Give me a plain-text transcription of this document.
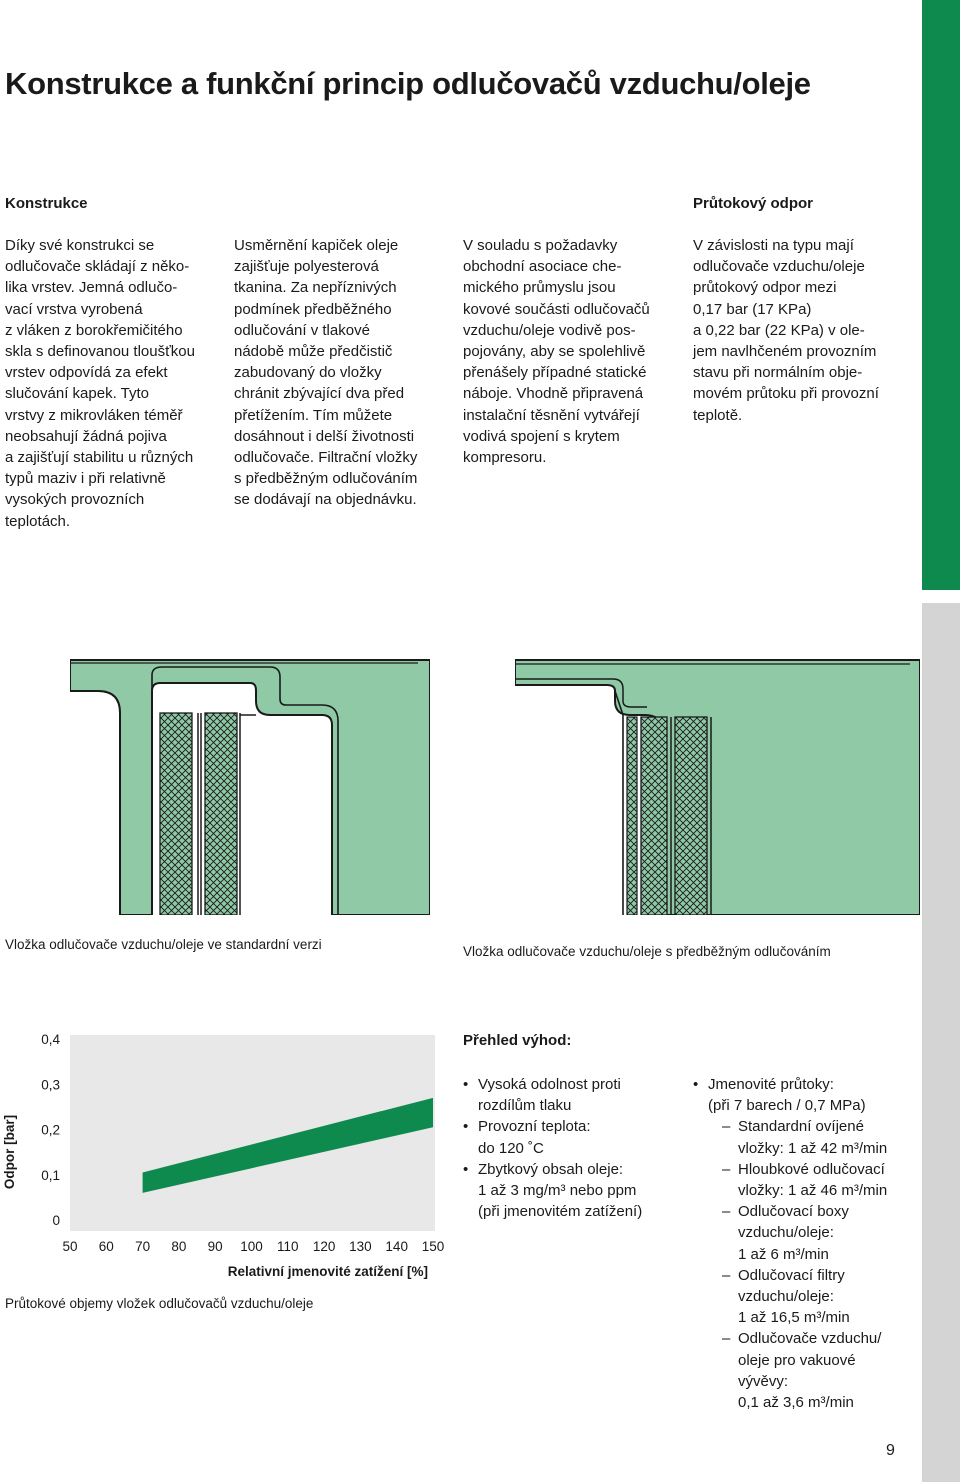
Konstrukce a funkční princip odlučovačů vzduchu/oleje
Konstrukce	Průtokový odpor
Díky své konstrukci se
odlučovače skládají z něko-
lika vrstev. Jemná odlučo-
vací vrstva vyrobená
z vláken z borokřemičitého
skla s definovanou tloušťkou
vrstev odpovídá za efekt
slučování kapek. Tyto
vrstvy z mikrovláken téměř
neobsahují žádná pojiva
a zajišťují stabilitu u různých
typů maziv i při relativně
vysokých provozních
teplotách.
Usměrnění kapiček oleje
zajišťuje polyesterová
tkanina. Za nepříznivých
podmínek předběžného
odlučování v tlakové
nádobě může předčistič
zabudovaný do vložky
chránit zbývající dva před
přetížením. Tím můžete
dosáhnout i delší životnosti
odlučovače. Filtrační vložky
s předběžným odlučováním
se dodávají na objednávku.
V souladu s požadavky
obchodní asociace che-
mického průmyslu jsou
kovové součásti odlučovačů
vzduchu/oleje vodivě pos-
pojovány, aby se spolehlivě
přenášely případné statické
náboje. Vhodně připravená
instalační těsnění vytvářejí
vodivá spojení s krytem
kompresoru.
V závislosti na typu mají
odlučovače vzduchu/oleje
průtokový odpor mezi
0,17 bar (17 KPa)
a 0,22 bar (22 KPa) v ole-
jem navlhčeném provozním
stavu při normálním obje-
movém průtoku při provozní
teplotě.
Vložka odlučovače vzduchu/oleje ve standardní verzi	Vložka odlučovače vzduchu/oleje s předběžným odlučováním
Odpor [bar]
0
0,1
0,2
0,3
0,4
50 60 70 80 90 100 110 120 130 140 150
Relativní jmenovité zatížení [%]
Průtokové objemy vložek odlučovačů vzduchu/oleje
Přehled výhod:
• Vysoká odolnost proti
rozdílům tlaku
• Provozní teplota:
do 120 ˚C
• Zbytkový obsah oleje:
1 až 3 mg/m³ nebo ppm
(při jmenovitém zatížení)
• Jmenovité průtoky:
(při 7 barech / 0,7 MPa)
– Standardní ovíjené
vložky: 1 až 42 m³/min
– Hloubkové odlučovací
vložky: 1 až 46 m³/min
– Odlučovací boxy
vzduchu/oleje:
1 až 6 m³/min
– Odlučovací filtry
vzduchu/oleje:
1 až 16,5 m³/min
– Odlučovače vzduchu/
oleje pro vakuové
vývěvy:
0,1 až 3,6 m³/min
9
